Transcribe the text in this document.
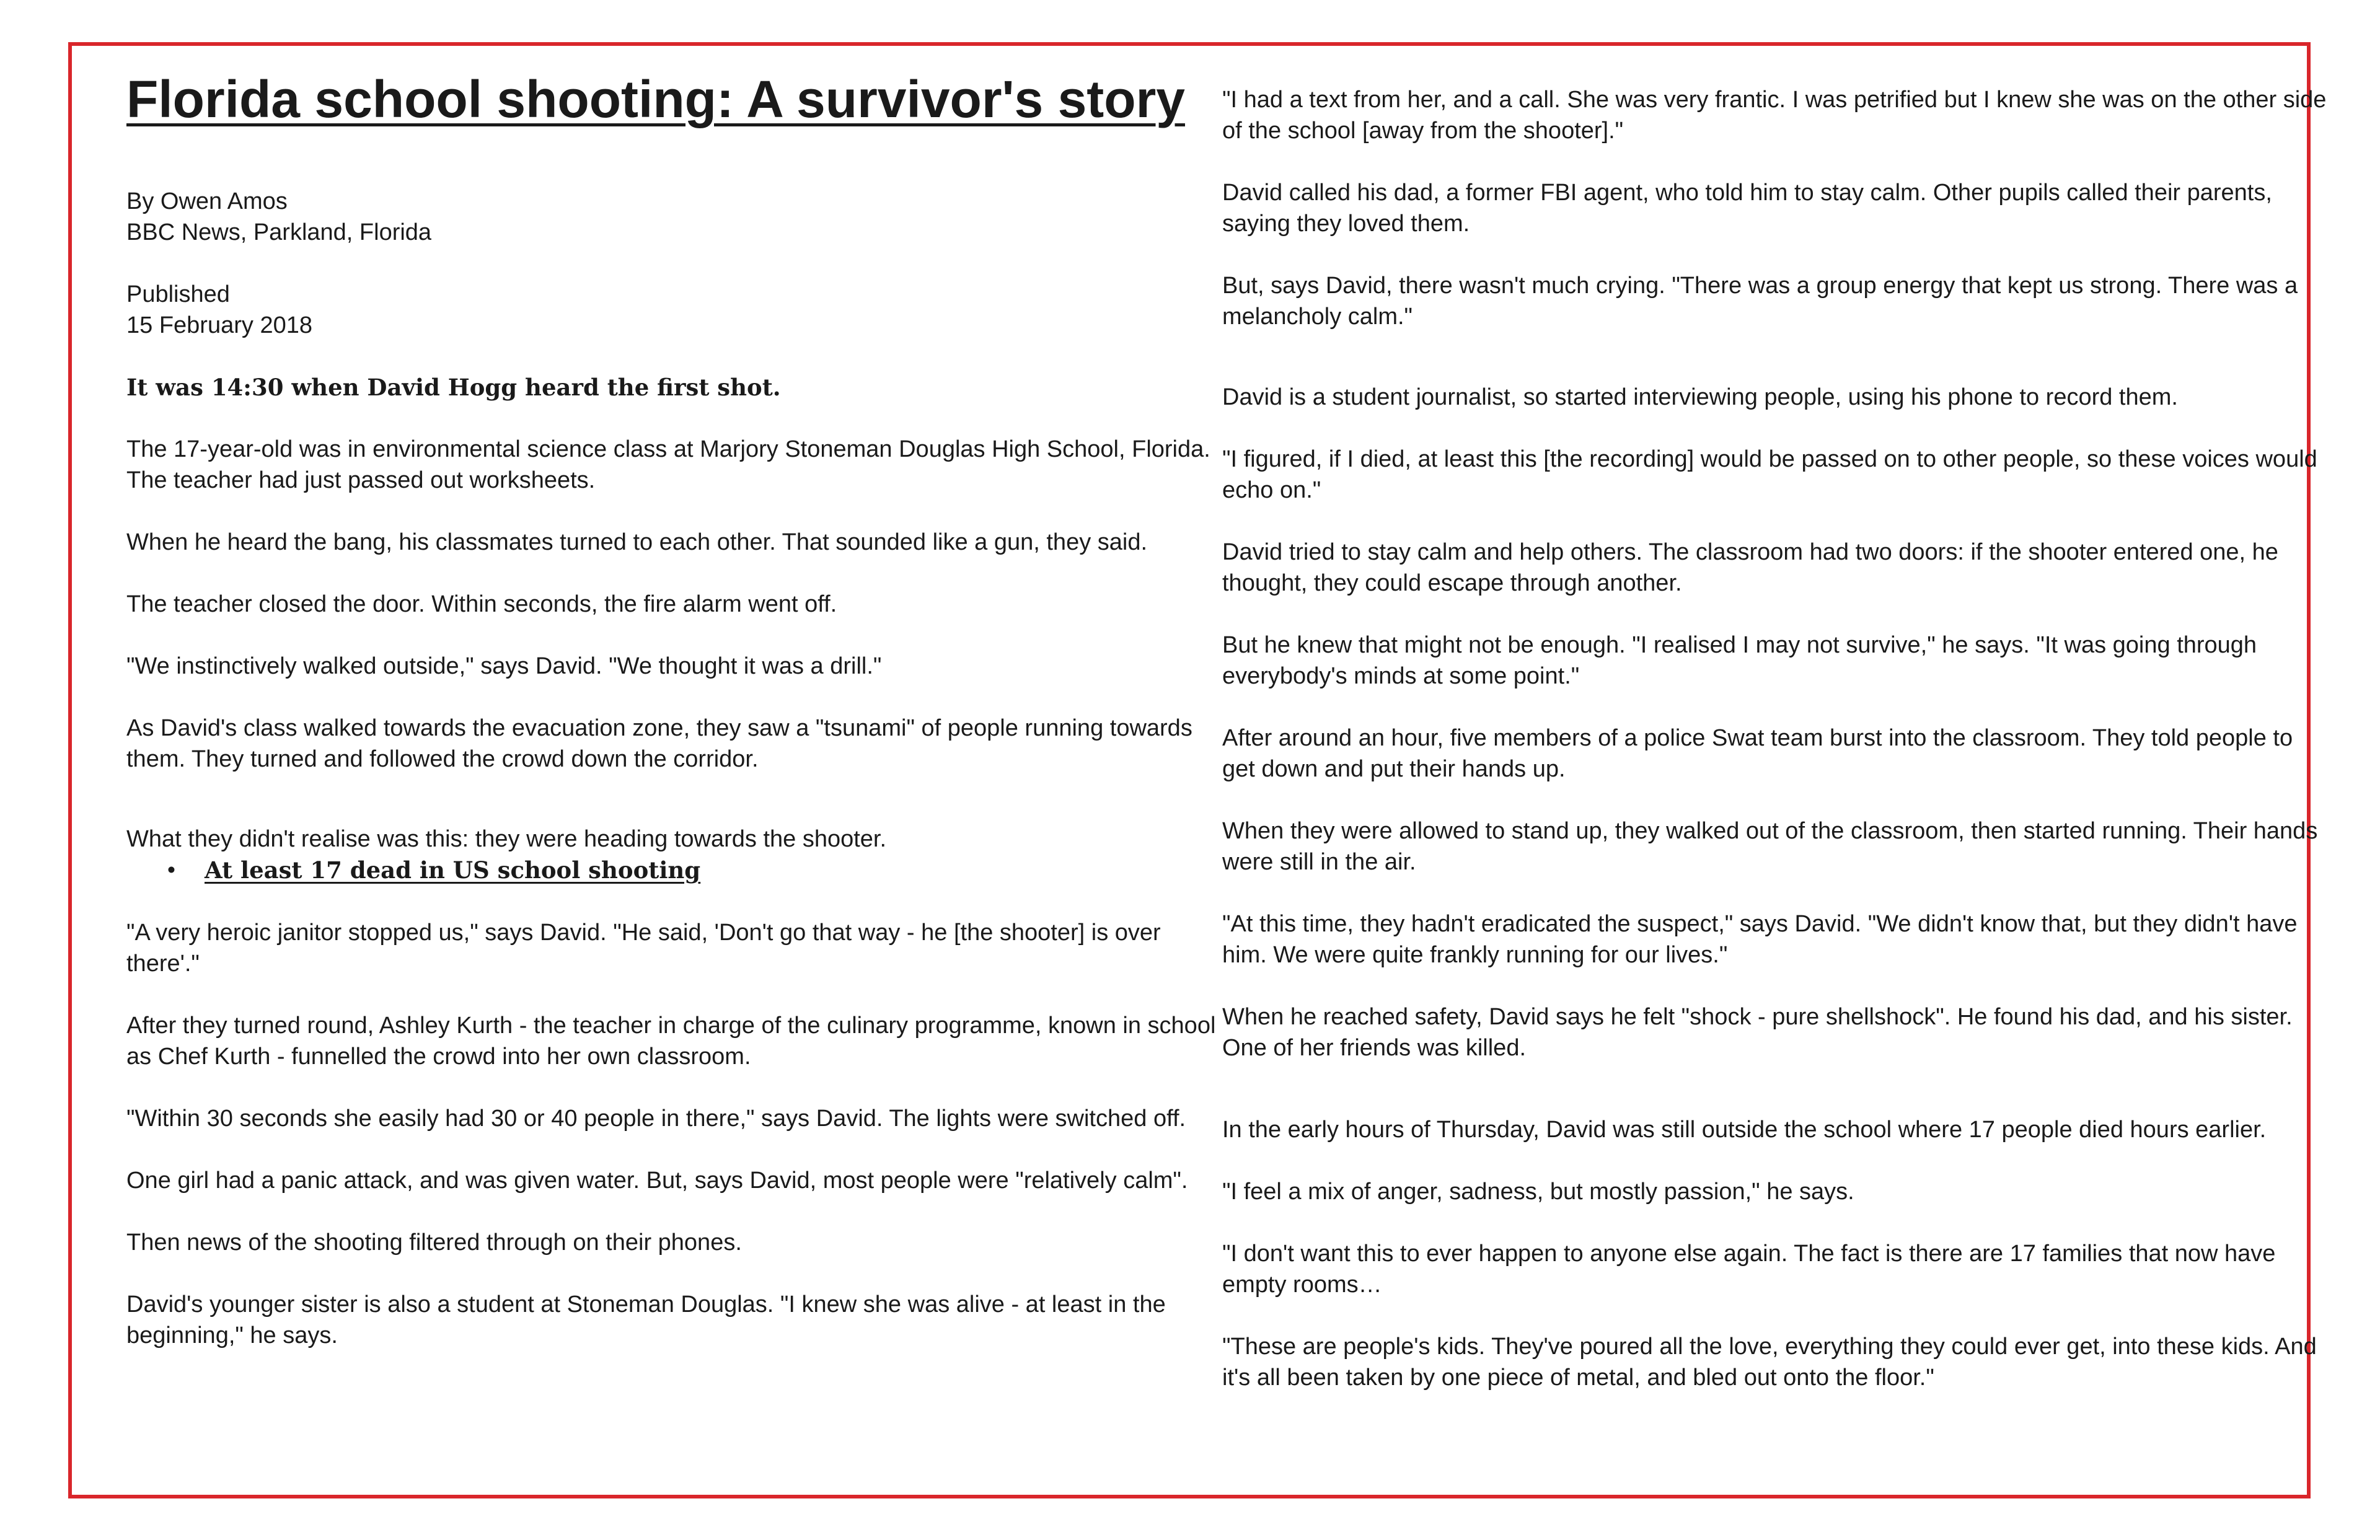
Florida school shooting: A survivor's story

By Owen Amos

BBC News, Parkland, Florida

Published

15 February 2018

It was 14:30 when David Hogg heard the first shot.

The 17-year-old was in environmental science class at Marjory Stoneman Douglas High School, Florida. The teacher had just passed out worksheets.

When he heard the bang, his classmates turned to each other. That sounded like a gun, they said.

The teacher closed the door. Within seconds, the fire alarm went off.

"We instinctively walked outside," says David. "We thought it was a drill."

As David's class walked towards the evacuation zone, they saw a "tsunami" of people running towards them. They turned and followed the crowd down the corridor.

What they didn't realise was this: they were heading towards the shooter.

• At least 17 dead in US school shooting

"A very heroic janitor stopped us," says David. "He said, 'Don't go that way - he [the shooter] is over there'."

After they turned round, Ashley Kurth - the teacher in charge of the culinary programme, known in school as Chef Kurth - funnelled the crowd into her own classroom.

"Within 30 seconds she easily had 30 or 40 people in there," says David. The lights were switched off.

One girl had a panic attack, and was given water. But, says David, most people were "relatively calm".

Then news of the shooting filtered through on their phones.

David's younger sister is also a student at Stoneman Douglas. "I knew she was alive - at least in the beginning," he says.

"I had a text from her, and a call. She was very frantic. I was petrified but I knew she was on the other side of the school [away from the shooter]."

David called his dad, a former FBI agent, who told him to stay calm. Other pupils called their parents, saying they loved them.

But, says David, there wasn't much crying. "There was a group energy that kept us strong. There was a melancholy calm."

David is a student journalist, so started interviewing people, using his phone to record them.

"I figured, if I died, at least this [the recording] would be passed on to other people, so these voices would echo on."

David tried to stay calm and help others. The classroom had two doors: if the shooter entered one, he thought, they could escape through another.

But he knew that might not be enough. "I realised I may not survive," he says. "It was going through everybody's minds at some point."

After around an hour, five members of a police Swat team burst into the classroom. They told people to get down and put their hands up.

When they were allowed to stand up, they walked out of the classroom, then started running. Their hands were still in the air.

"At this time, they hadn't eradicated the suspect," says David. "We didn't know that, but they didn't have him. We were quite frankly running for our lives."

When he reached safety, David says he felt "shock - pure shellshock". He found his dad, and his sister. One of her friends was killed.

In the early hours of Thursday, David was still outside the school where 17 people died hours earlier.

"I feel a mix of anger, sadness, but mostly passion," he says.

"I don't want this to ever happen to anyone else again. The fact is there are 17 families that now have empty rooms…

"These are people's kids. They've poured all the love, everything they could ever get, into these kids. And it's all been taken by one piece of metal, and bled out onto the floor."
